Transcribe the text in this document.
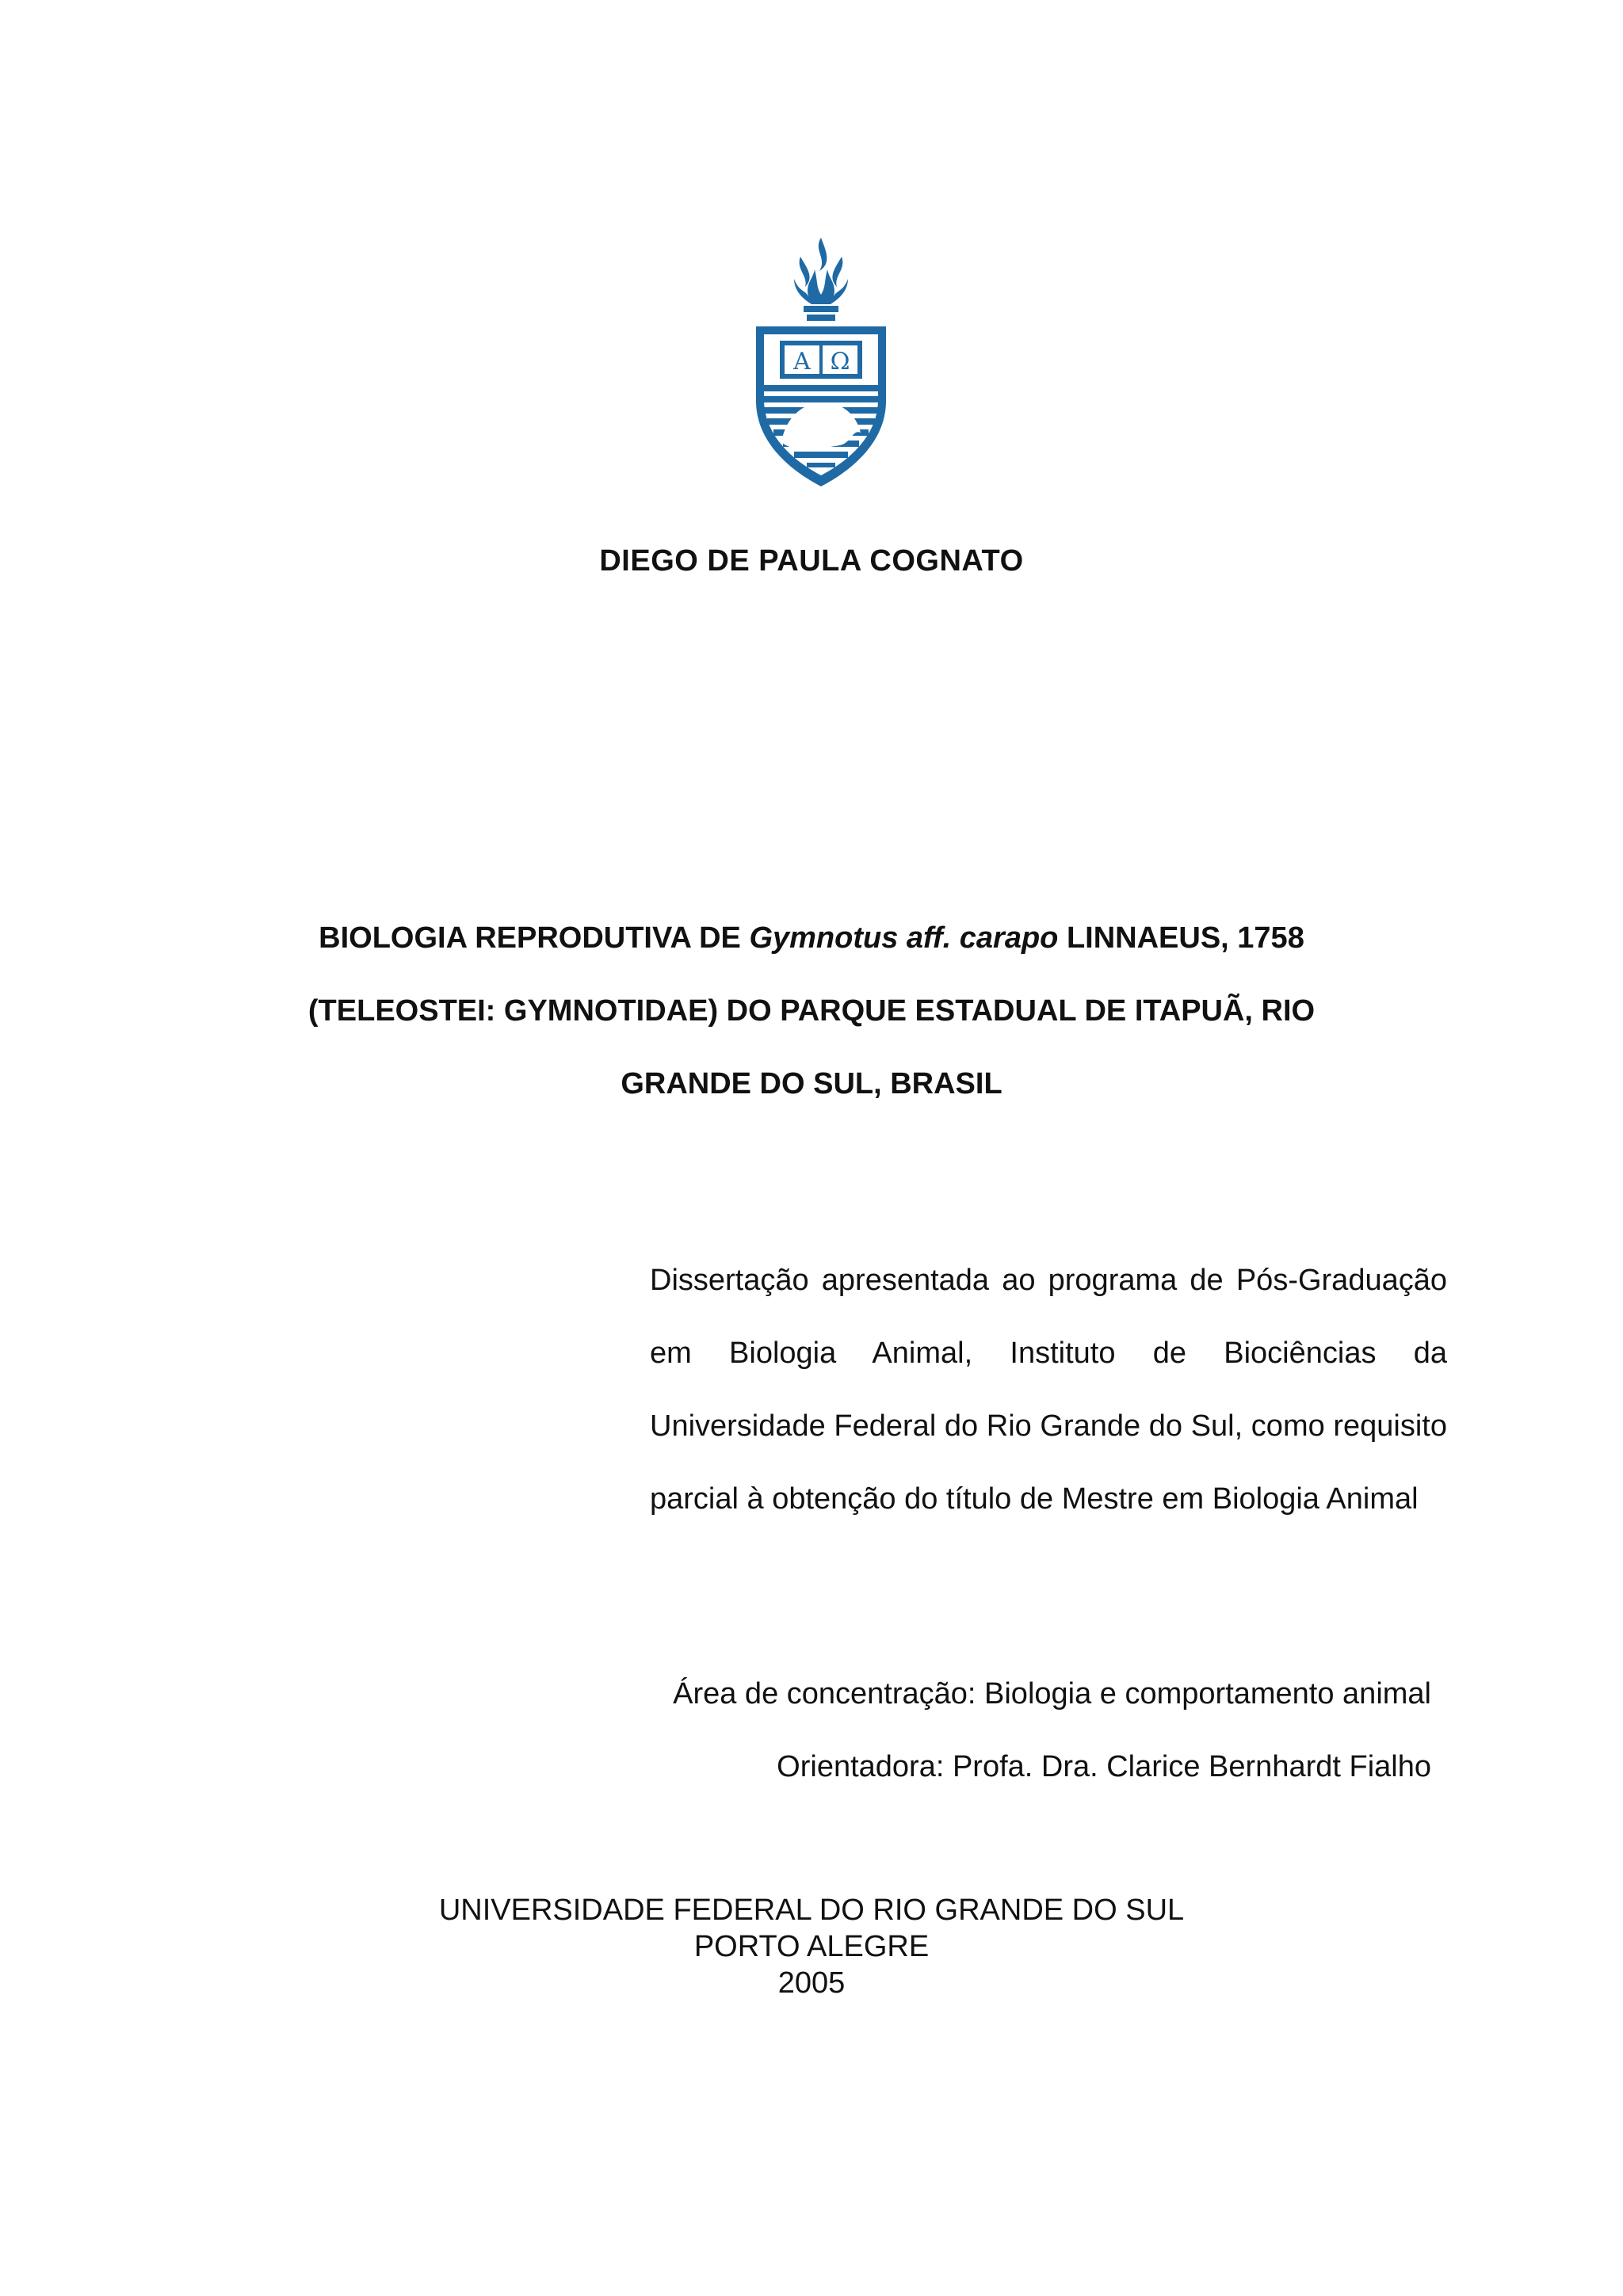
Α Ω
DIEGO DE PAULA COGNATO
BIOLOGIA REPRODUTIVA DE Gymnotus aff. carapo LINNAEUS, 1758
(TELEOSTEI: GYMNOTIDAE) DO PARQUE ESTADUAL DE ITAPUÃ, RIO
GRANDE DO SUL, BRASIL
Dissertação apresentada ao programa de Pós-Graduação em Biologia Animal, Instituto de Biociências da Universidade Federal do Rio Grande do Sul, como requisito parcial à obtenção do título de Mestre em Biologia Animal
Área de concentração: Biologia e comportamento animal
Orientadora: Profa. Dra. Clarice Bernhardt Fialho
UNIVERSIDADE FEDERAL DO RIO GRANDE DO SUL
PORTO ALEGRE
2005
